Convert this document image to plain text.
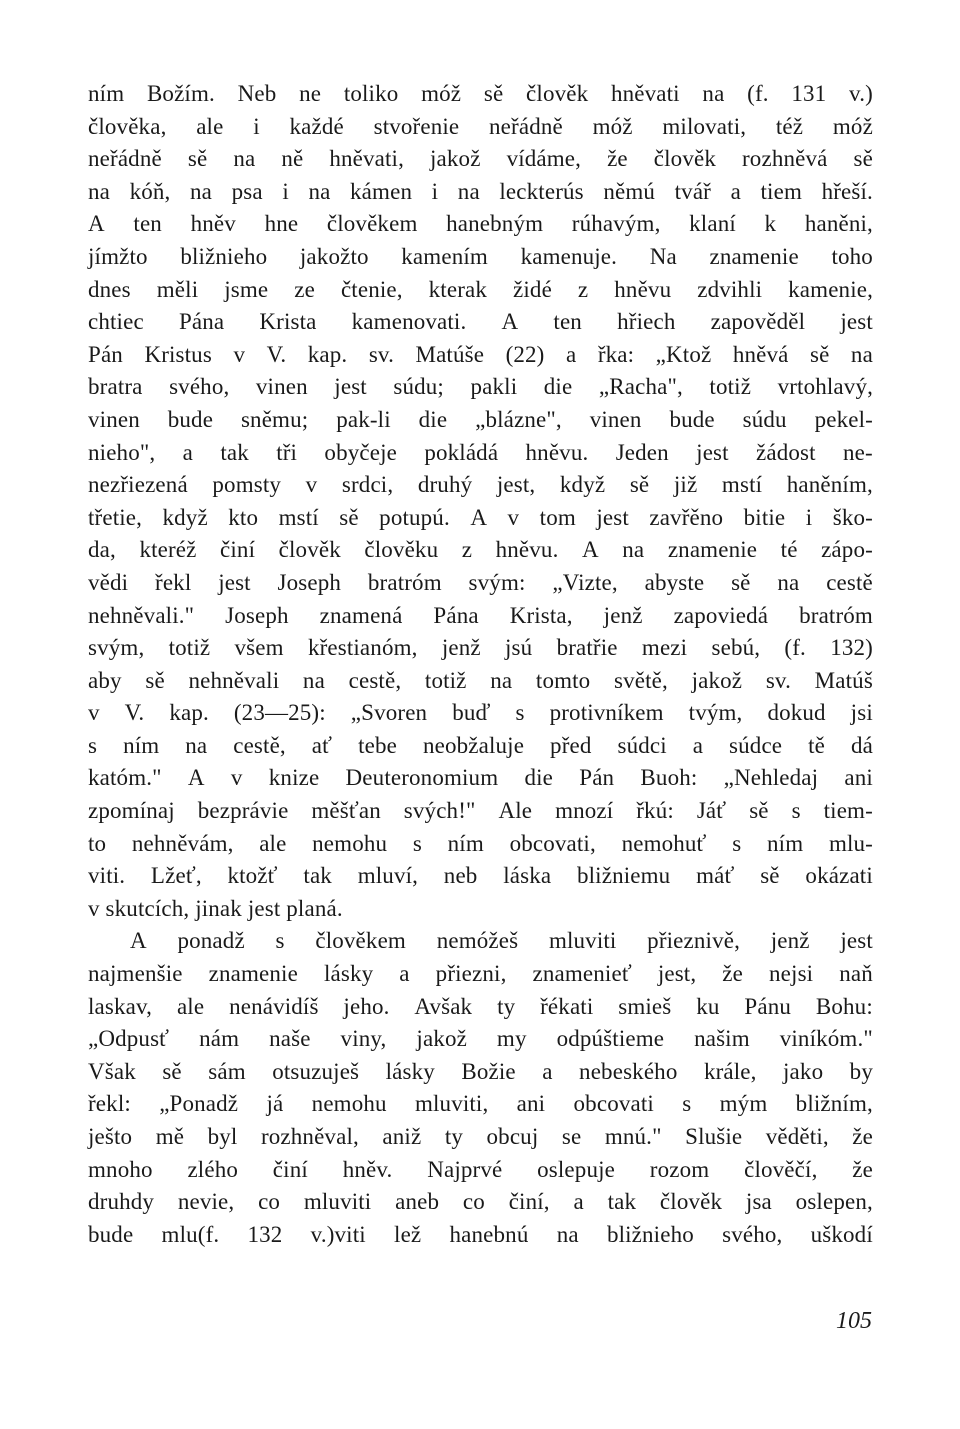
ním Božím. Neb ne toliko móž sě člověk hněvati na (f. 131 v.)
člověka, ale i každé stvořenie neřádně móž milovati, též móž
neřádně sě na ně hněvati, jakož vídáme, že člověk rozhněvá sě
na kóň, na psa i na kámen i na leckterús němú tvář a tiem hřeší.
A ten hněv hne člověkem hanebným rúhavým, klaní k haněni,
jímžto bližnieho jakožto kamením kamenuje. Na znamenie toho
dnes měli jsme ze čtenie, kterak židé z hněvu zdvihli kamenie,
chtiec Pána Krista kamenovati. A ten hřiech zapověděl jest
Pán Kristus v V. kap. sv. Matúše (22) a řka: „Ktož hněvá sě na
bratra svého, vinen jest súdu; pakli die „Racha", totiž vrtohlavý,
vinen bude sněmu; pak-li die „blázne", vinen bude súdu pekel-
nieho", a tak tři obyčeje pokládá hněvu. Jeden jest žádost ne-
nezřiezená pomsty v srdci, druhý jest, když sě již mstí haněním,
třetie, když kto mstí sě potupú. A v tom jest zavřěno bitie i ško-
da, kteréž činí člověk člověku z hněvu. A na znamenie té zápo-
vědi řekl jest Joseph bratróm svým: „Vizte, abyste sě na cestě
nehněvali." Joseph znamená Pána Krista, jenž zapoviedá bratróm
svým, totiž všem křestianóm, jenž jsú bratřie mezi sebú, (f. 132)
aby sě nehněvali na cestě, totiž na tomto světě, jakož sv. Matúš
v V. kap. (23—25): „Svoren buď s protivníkem tvým, dokud jsi
s ním na cestě, ať tebe neobžaluje před súdci a súdce tě dá
katóm." A v knize Deuteronomium die Pán Buoh: „Nehledaj ani
zpomínaj bezprávie měšťan svých!" Ale mnozí řkú: Jáť sě s tiem-
to nehněvám, ale nemohu s ním obcovati, nemohuť s ním mlu-
viti. Lžeť, ktožť tak mluví, neb láska bližniemu máť sě okázati
v skutcích, jinak jest planá.
A ponadž s člověkem nemóžeš mluviti přieznivě, jenž jest
najmenšie znamenie lásky a přiezni, znamenieť jest, že nejsi naň
laskav, ale nenávidíš jeho. Avšak ty řékati smieš ku Pánu Bohu:
„Odpusť nám naše viny, jakož my odpúštieme našim viníkóm."
Však sě sám otsuzuješ lásky Božie a nebeského krále, jako by
řekl: „Ponadž já nemohu mluviti, ani obcovati s mým bližním,
ješto mě byl rozhněval, aniž ty obcuj se mnú." Slušie věděti, že
mnoho zlého činí hněv. Najprvé oslepuje rozom člověčí, že
druhdy nevie, co mluviti aneb co činí, a tak člověk jsa oslepen,
bude mlu(f. 132 v.)viti lež hanebnú na bližnieho svého, uškodí
105
